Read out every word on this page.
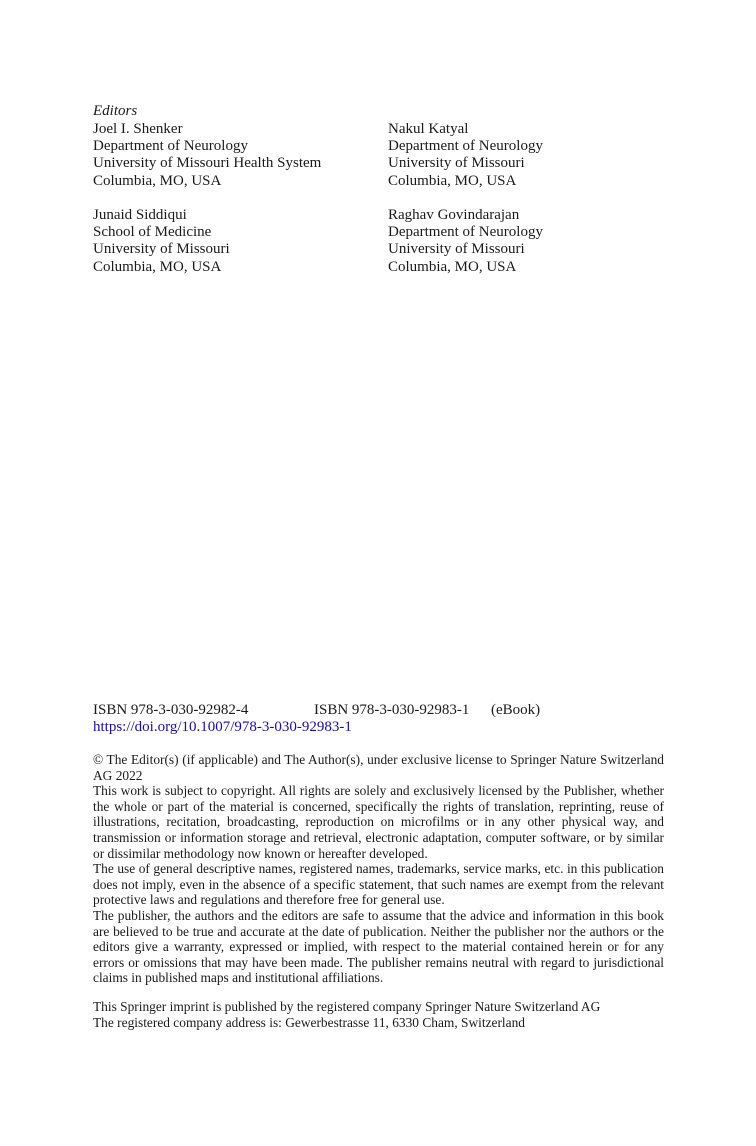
Editors
Joel I. Shenker
Department of Neurology
University of Missouri Health System
Columbia, MO, USA
Nakul Katyal
Department of Neurology
University of Missouri
Columbia, MO, USA
Junaid Siddiqui
School of Medicine
University of Missouri
Columbia, MO, USA
Raghav Govindarajan
Department of Neurology
University of Missouri
Columbia, MO, USA
ISBN 978-3-030-92982-4	ISBN 978-3-030-92983-1 (eBook)
https://doi.org/10.1007/978-3-030-92983-1

© The Editor(s) (if applicable) and The Author(s), under exclusive license to Springer Nature Switzerland AG 2022

This work is subject to copyright. All rights are solely and exclusively licensed by the Publisher, whether the whole or part of the material is concerned, specifically the rights of translation, reprinting, reuse of illustrations, recitation, broadcasting, reproduction on microfilms or in any other physical way, and transmission or information storage and retrieval, electronic adaptation, computer software, or by similar or dissimilar methodology now known or hereafter developed.

The use of general descriptive names, registered names, trademarks, service marks, etc. in this publication does not imply, even in the absence of a specific statement, that such names are exempt from the relevant protective laws and regulations and therefore free for general use.

The publisher, the authors and the editors are safe to assume that the advice and information in this book are believed to be true and accurate at the date of publication. Neither the publisher nor the authors or the editors give a warranty, expressed or implied, with respect to the material contained herein or for any errors or omissions that may have been made. The publisher remains neutral with regard to jurisdictional claims in published maps and institutional affiliations.

This Springer imprint is published by the registered company Springer Nature Switzerland AG

The registered company address is: Gewerbestrasse 11, 6330 Cham, Switzerland
